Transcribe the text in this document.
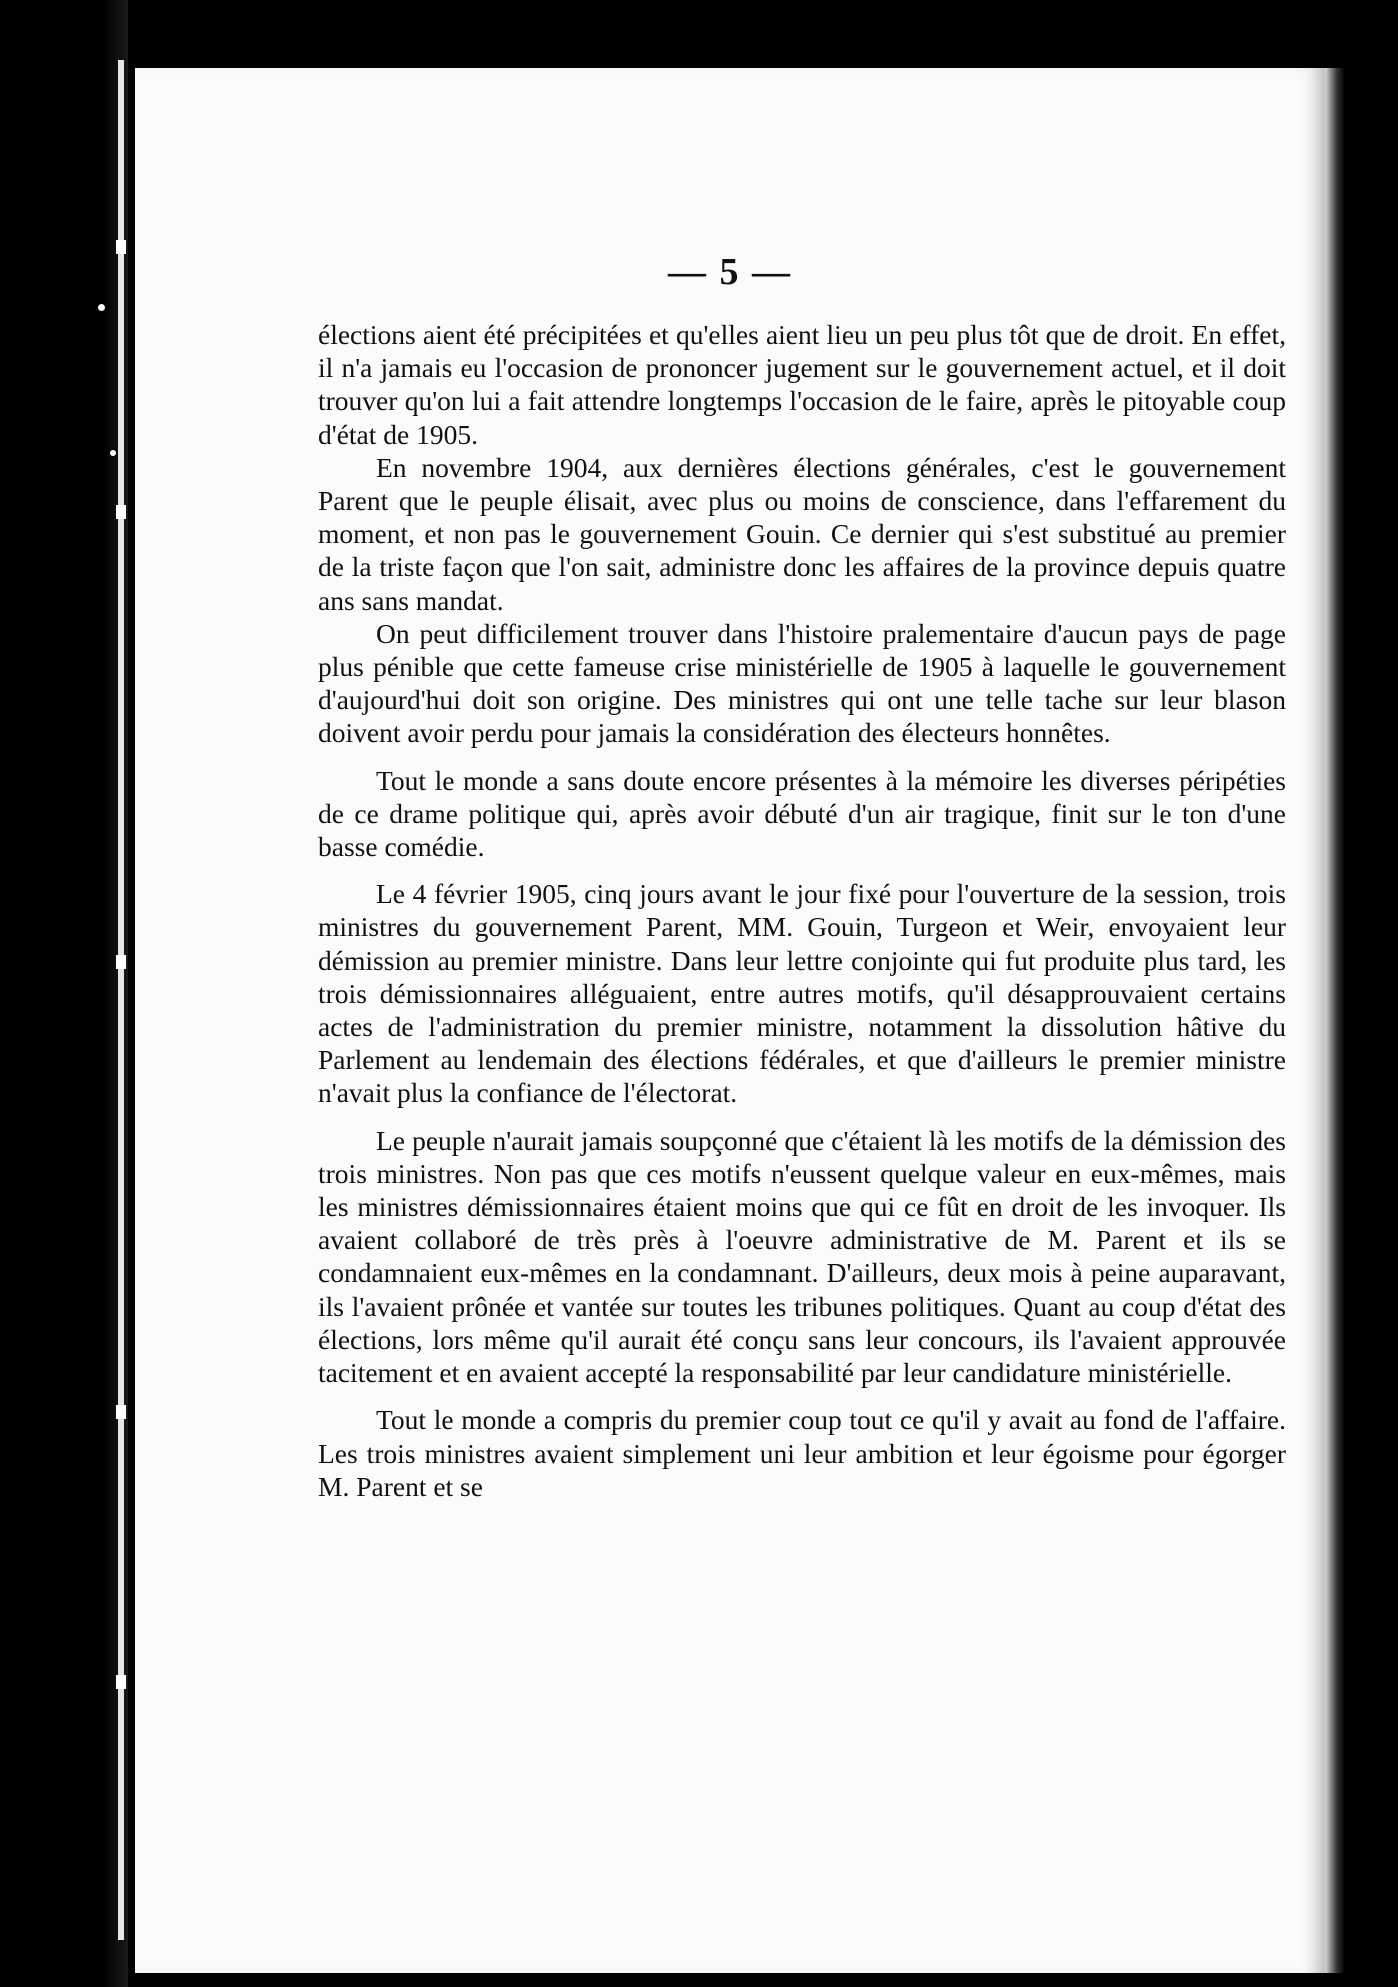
— 5 —

élections aient été précipitées et qu'elles aient lieu un peu plus tôt que de droit. En effet, il n'a jamais eu l'occasion de prononcer jugement sur le gouvernement actuel, et il doit trouver qu'on lui a fait attendre longtemps l'occasion de le faire, après le pitoyable coup d'état de 1905.

En novembre 1904, aux dernières élections générales, c'est le gouvernement Parent que le peuple élisait, avec plus ou moins de conscience, dans l'effarement du moment, et non pas le gouvernement Gouin. Ce dernier qui s'est substitué au premier de la triste façon que l'on sait, administre donc les affaires de la province depuis quatre ans sans mandat.

On peut difficilement trouver dans l'histoire pralementaire d'aucun pays de page plus pénible que cette fameuse crise ministérielle de 1905 à laquelle le gouvernement d'aujourd'hui doit son origine. Des ministres qui ont une telle tache sur leur blason doivent avoir perdu pour jamais la considération des électeurs honnêtes.

Tout le monde a sans doute encore présentes à la mémoire les diverses péripéties de ce drame politique qui, après avoir débuté d'un air tragique, finit sur le ton d'une basse comédie.

Le 4 février 1905, cinq jours avant le jour fixé pour l'ouverture de la session, trois ministres du gouvernement Parent, MM. Gouin, Turgeon et Weir, envoyaient leur démission au premier ministre. Dans leur lettre conjointe qui fut produite plus tard, les trois démissionnaires alléguaient, entre autres motifs, qu'il désapprouvaient certains actes de l'administration du premier ministre, notamment la dissolution hâtive du Parlement au lendemain des élections fédérales, et que d'ailleurs le premier ministre n'avait plus la confiance de l'électorat.

Le peuple n'aurait jamais soupçonné que c'étaient là les motifs de la démission des trois ministres. Non pas que ces motifs n'eussent quelque valeur en eux-mêmes, mais les ministres démissionnaires étaient moins que qui ce fût en droit de les invoquer. Ils avaient collaboré de très près à l'oeuvre administrative de M. Parent et ils se condamnaient eux-mêmes en la condamnant. D'ailleurs, deux mois à peine auparavant, ils l'avaient prônée et vantée sur toutes les tribunes politiques. Quant au coup d'état des élections, lors même qu'il aurait été conçu sans leur concours, ils l'avaient approuvée tacitement et en avaient accepté la responsabilité par leur candidature ministérielle.

Tout le monde a compris du premier coup tout ce qu'il y avait au fond de l'affaire. Les trois ministres avaient simplement uni leur ambition et leur égoisme pour égorger M. Parent et se
